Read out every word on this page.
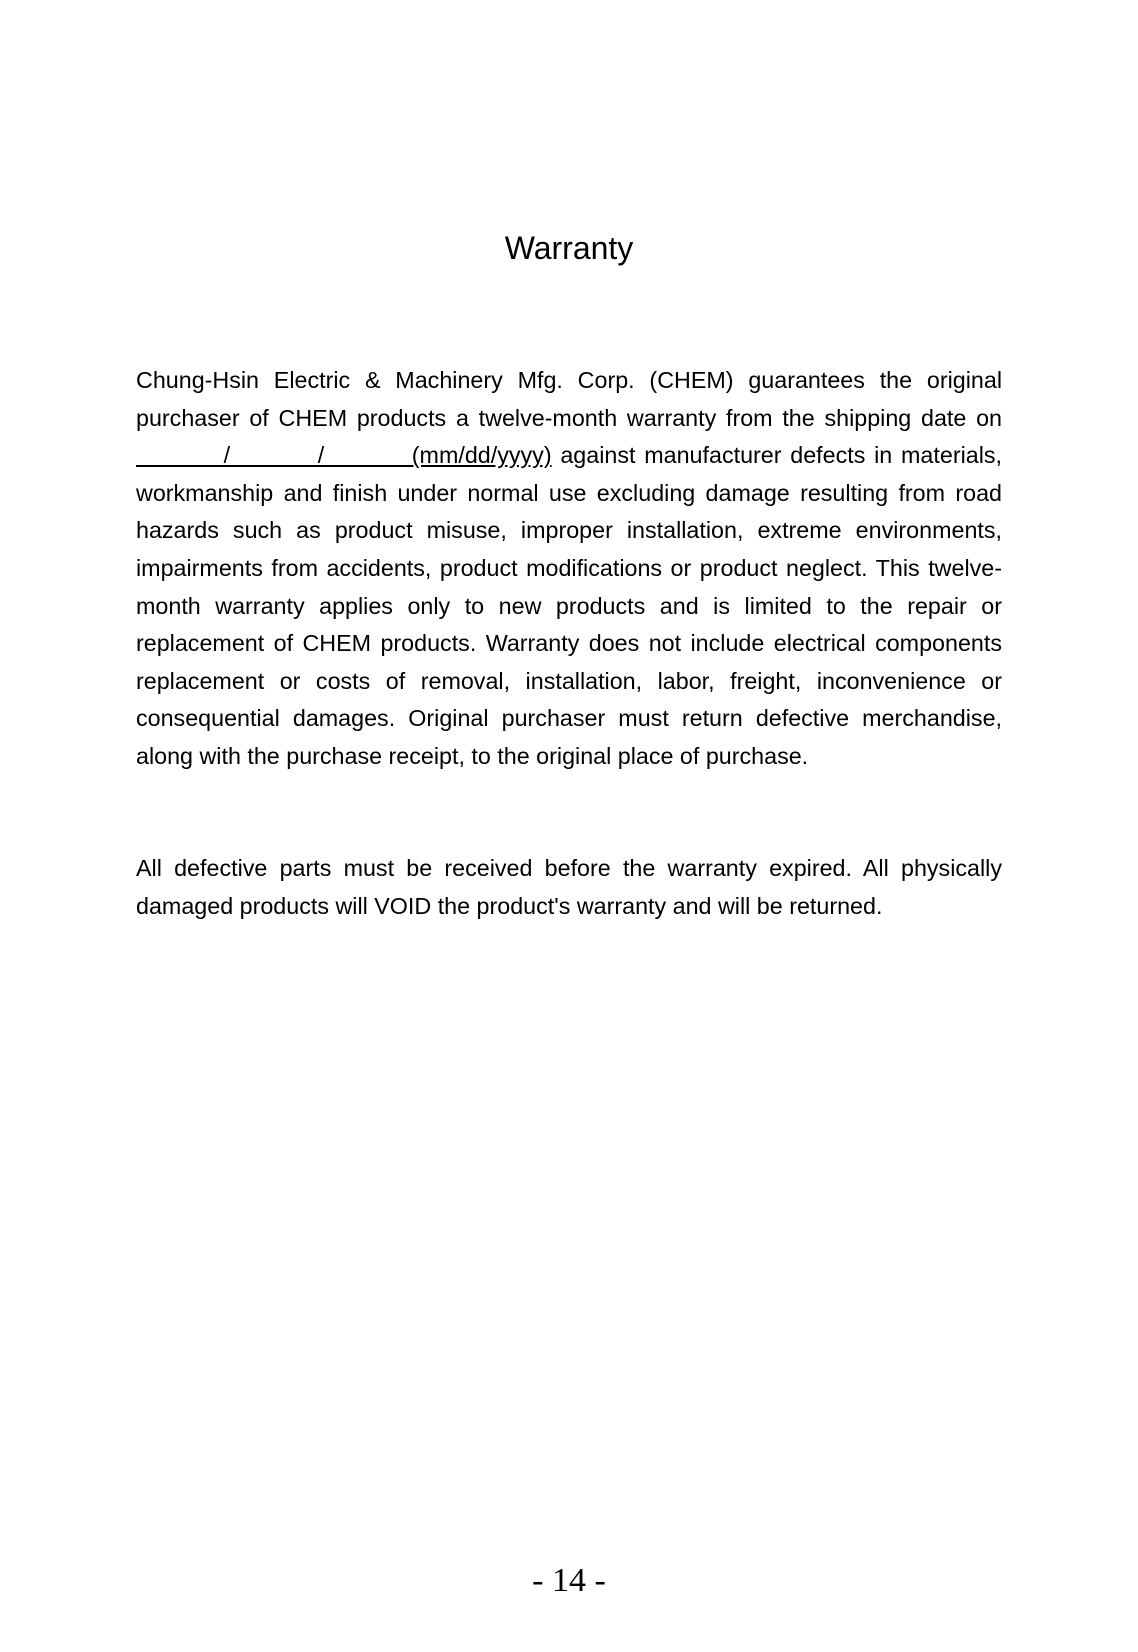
Warranty

Chung-Hsin Electric & Machinery Mfg. Corp. (CHEM) guarantees the original purchaser of CHEM products a twelve-month warranty from the shipping date on           /          /          (mm/dd/yyyy) against manufacturer defects in materials, workmanship and finish under normal use excluding damage resulting from road hazards such as product misuse, improper installation, extreme environments, impairments from accidents, product modifications or product neglect. This twelve-month warranty applies only to new products and is limited to the repair or replacement of CHEM products. Warranty does not include electrical components replacement or costs of removal, installation, labor, freight, inconvenience or consequential damages. Original purchaser must return defective merchandise, along with the purchase receipt, to the original place of purchase.

All defective parts must be received before the warranty expired. All physically damaged products will VOID the product's warranty and will be returned.

- 14 -
